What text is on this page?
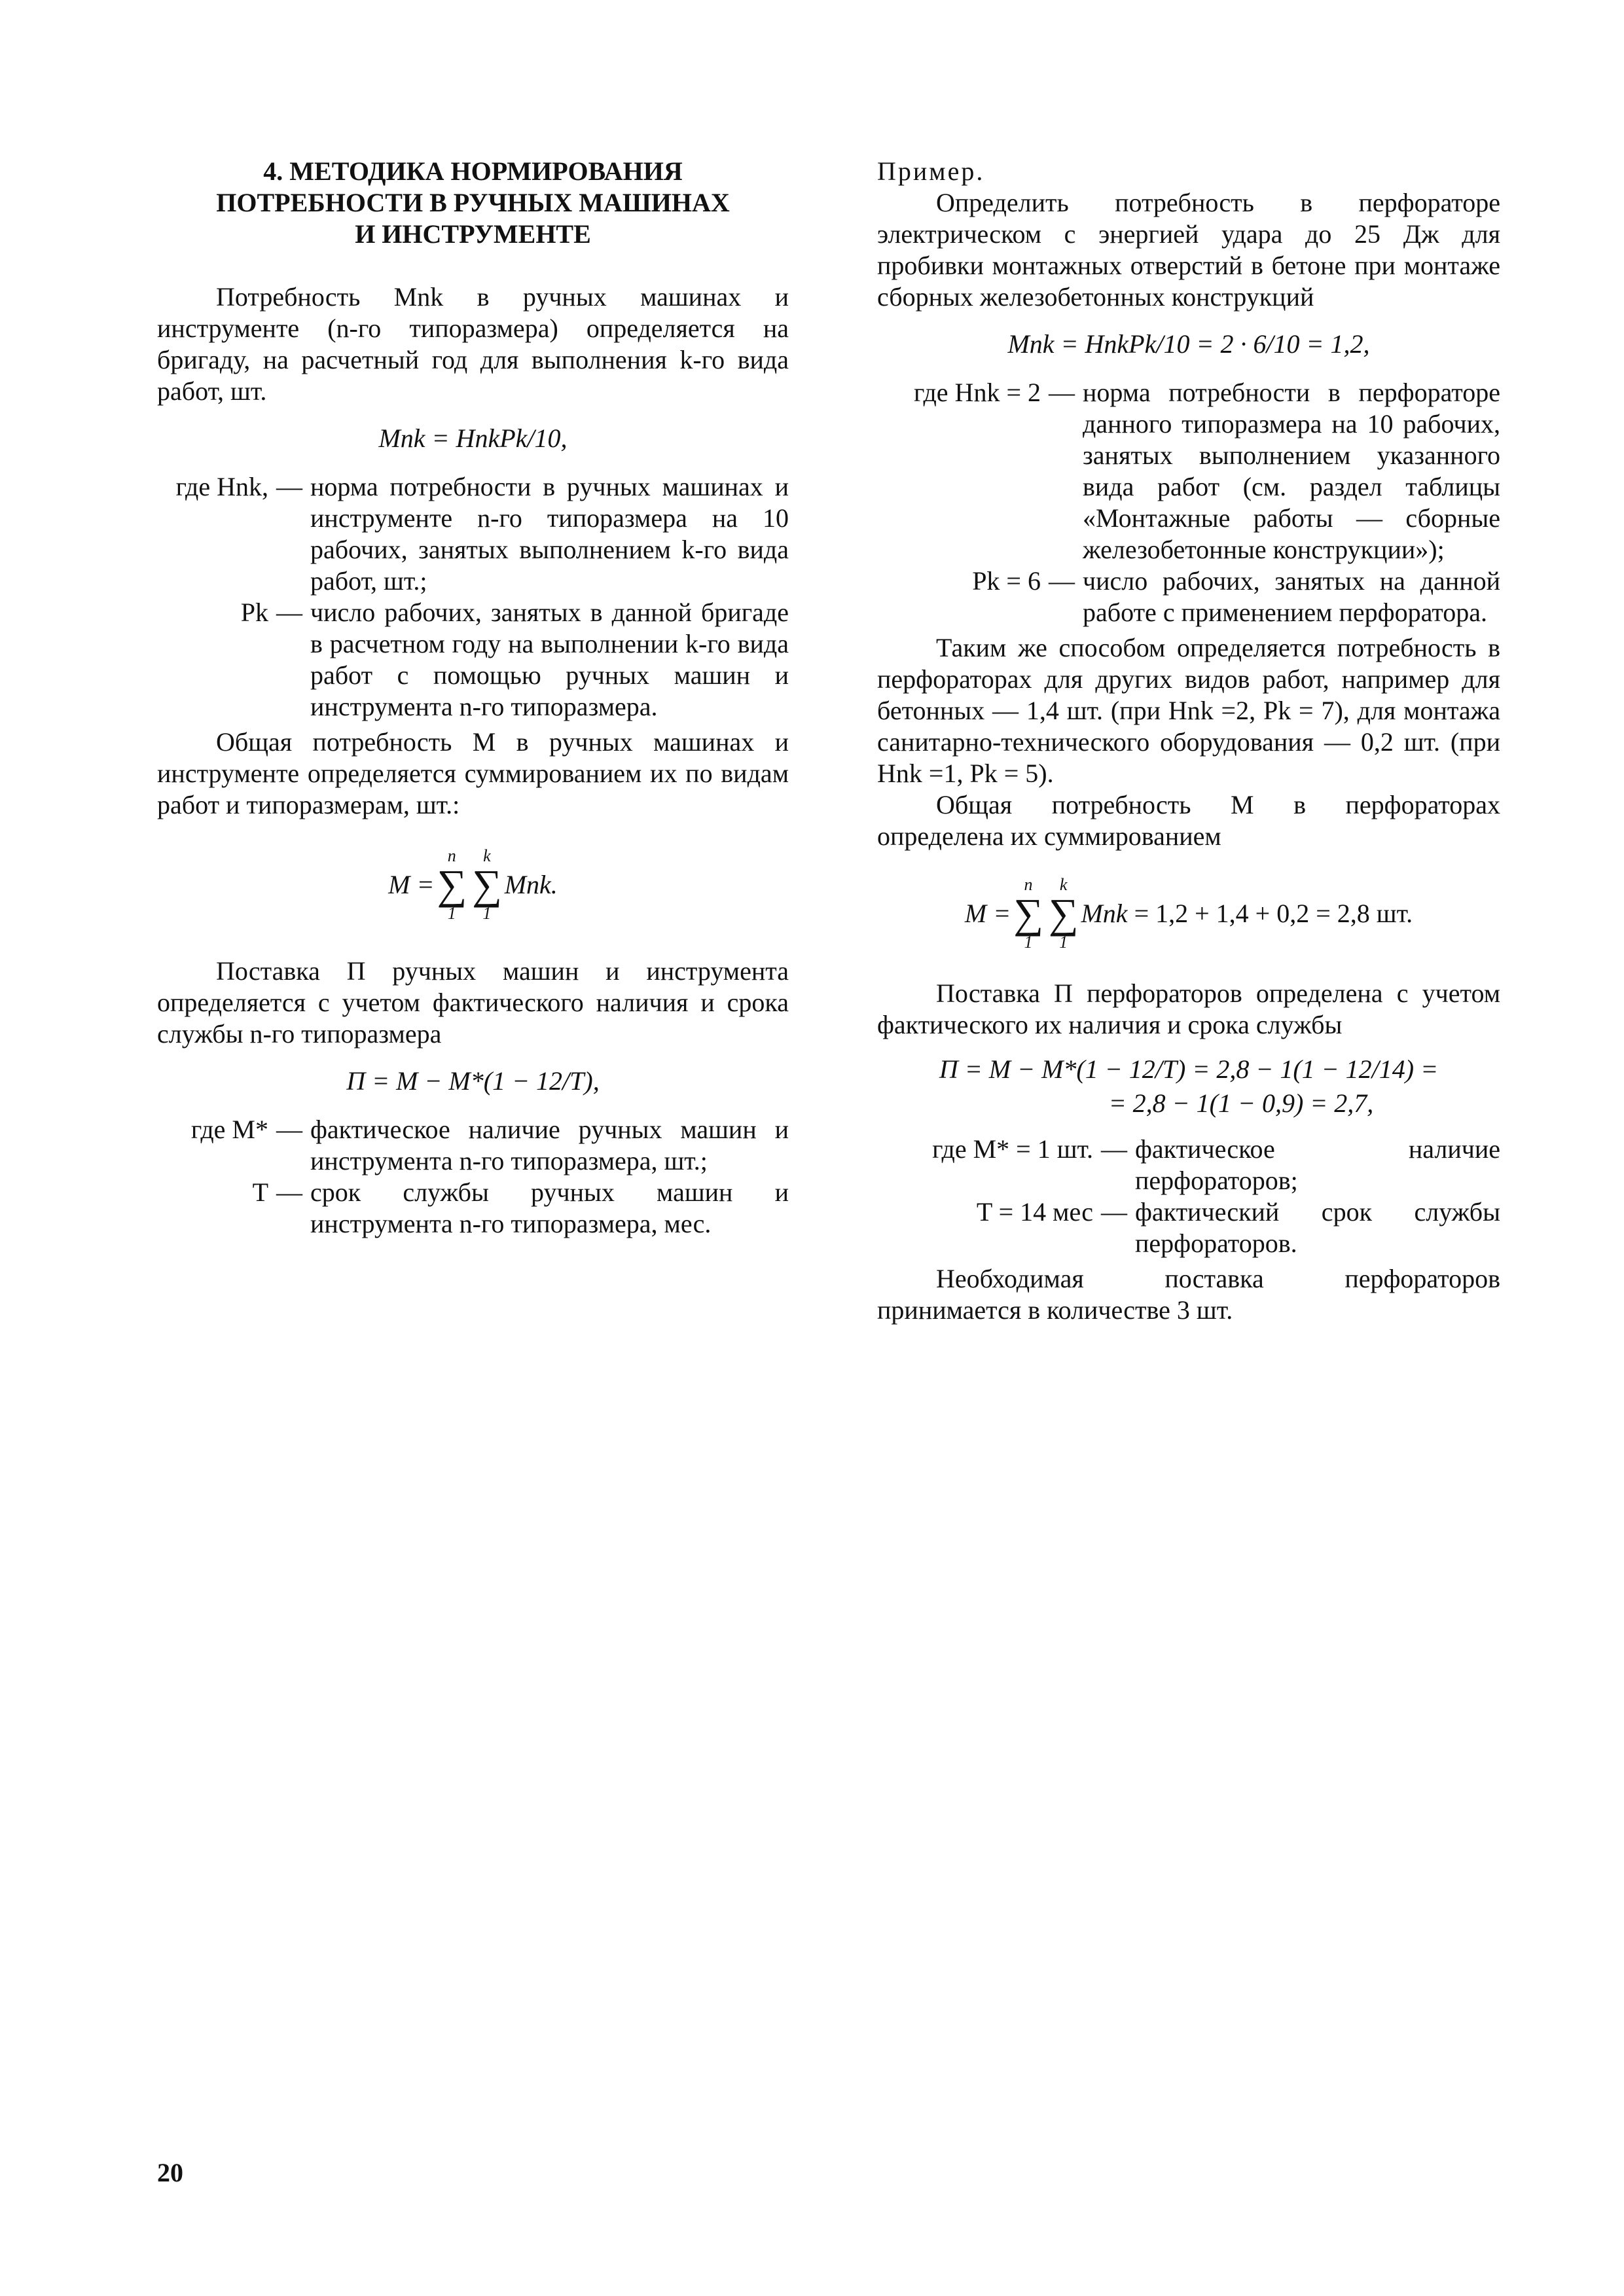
4. МЕТОДИКА НОРМИРОВАНИЯ
ПОТРЕБНОСТИ В РУЧНЫХ МАШИНАХ
И ИНСТРУМЕНТЕ

Потребность Mnk в ручных машинах и инструменте (n-го типоразмера) определяется на бригаду, на расчетный год для выполнения k-го вида работ, шт.

Mnk = HnkPk/10,
где Hnk, — норма потребности в ручных машинах и инструменте n-го типоразмера на 10 рабочих, занятых выполнением k-го вида работ, шт.;
Pk — число рабочих, занятых в данной бригаде в расчетном году на выполнении k-го вида работ с помощью ручных машин и инструмента n-го типоразмера.

Общая потребность M в ручных машинах и инструменте определяется суммированием их по видам работ и типоразмерам, шт.:

M =
n
∑
1
k
∑
1
Mnk.

Поставка П ручных машин и инструмента определяется с учетом фактического наличия и срока службы n-го типоразмера

П = M − M*(1 − 12/T),
где M* — фактическое наличие ручных машин и инструмента n-го типоразмера, шт.;
T — срок службы ручных машин и инструмента n-го типоразмера, мес.

Пример.

Определить потребность в перфораторе электрическом с энергией удара до 25 Дж для пробивки монтажных отверстий в бетоне при монтаже сборных железобетонных конструкций

Mnk = HnkPk/10 = 2 · 6/10 = 1,2,
где Hnk = 2 — норма потребности в перфораторе данного типоразмера на 10 рабочих, занятых выполнением указанного вида работ (см. раздел таблицы «Монтажные работы — сборные железобетонные конструкции»);
Pk = 6 — число рабочих, занятых на данной работе с применением перфоратора.

Таким же способом определяется потребность в перфораторах для других видов работ, например для бетонных — 1,4 шт. (при Hnk =2, Pk = 7), для монтажа санитарно-технического оборудования — 0,2 шт. (при Hnk =1, Pk = 5).

Общая потребность M в перфораторах определена их суммированием

M =
n
∑
1
k
∑
1
Mnk = 1,2 + 1,4 + 0,2 = 2,8 шт.

Поставка П перфораторов определена с учетом фактического их наличия и срока службы

П = M − M*(1 − 12/T) = 2,8 − 1(1 − 12/14) =
= 2,8 − 1(1 − 0,9) = 2,7,
где M* = 1 шт. — фактическое наличие перфораторов;
T = 14 мес — фактический срок службы перфораторов.

Необходимая поставка перфораторов принимается в количестве 3 шт.

20
